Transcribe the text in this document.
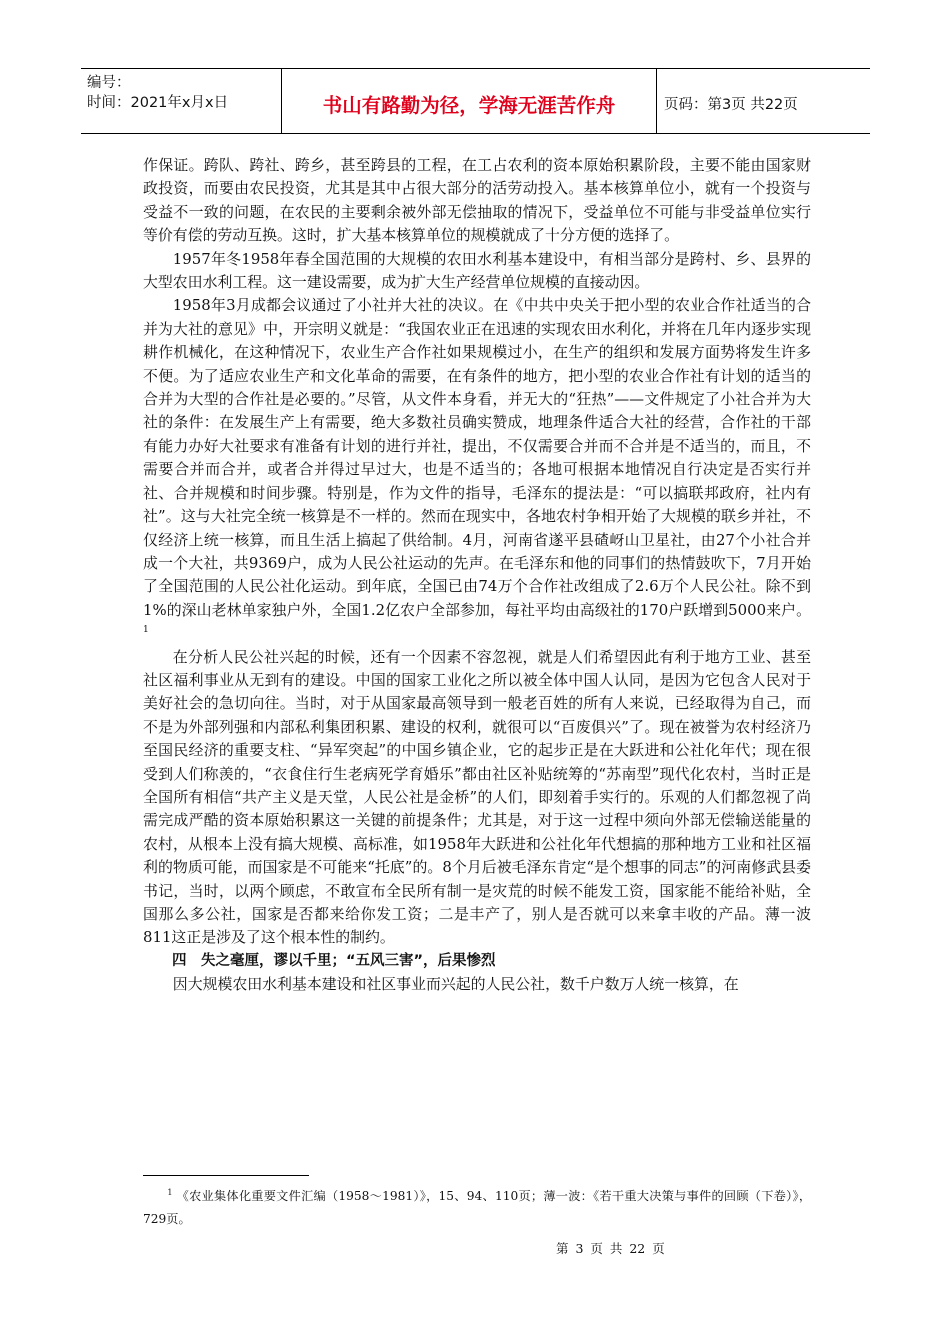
编号：
时间：2021年x月x日	书山有路勤为径，学海无涯苦作舟	页码：第3页 共22页

作保证。跨队、跨社、跨乡，甚至跨县的工程，在工占农利的资本原始积累阶段，主要不能由国家财政投资，而要由农民投资，尤其是其中占很大部分的活劳动投入。基本核算单位小，就有一个投资与受益不一致的问题，在农民的主要剩余被外部无偿抽取的情况下，受益单位不可能与非受益单位实行等价有偿的劳动互换。这时，扩大基本核算单位的规模就成了十分方便的选择了。

1957年冬1958年春全国范围的大规模的农田水利基本建设中，有相当部分是跨村、乡、县界的大型农田水利工程。这一建设需要，成为扩大生产经营单位规模的直接动因。

1958年3月成都会议通过了小社并大社的决议。在《中共中央关于把小型的农业合作社适当的合并为大社的意见》中，开宗明义就是：“我国农业正在迅速的实现农田水利化，并将在几年内逐步实现耕作机械化，在这种情况下，农业生产合作社如果规模过小，在生产的组织和发展方面势将发生许多不便。为了适应农业生产和文化革命的需要，在有条件的地方，把小型的农业合作社有计划的适当的合并为大型的合作社是必要的。”尽管，从文件本身看，并无大的“狂热”——文件规定了小社合并为大社的条件：在发展生产上有需要，绝大多数社员确实赞成，地理条件适合大社的经营，合作社的干部有能力办好大社要求有准备有计划的进行并社，提出，不仅需要合并而不合并是不适当的，而且，不需要合并而合并，或者合并得过早过大，也是不适当的；各地可根据本地情况自行决定是否实行并社、合并规模和时间步骤。特别是，作为文件的指导，毛泽东的提法是：“可以搞联邦政府，社内有社”。这与大社完全统一核算是不一样的。然而在现实中，各地农村争相开始了大规模的联乡并社，不仅经济上统一核算，而且生活上搞起了供给制。4月，河南省遂平县碴岈山卫星社，由27个小社合并成一个大社，共9369户，成为人民公社运动的先声。在毛泽东和他的同事们的热情鼓吹下，7月开始了全国范围的人民公社化运动。到年底，全国已由74万个合作社改组成了2.6万个人民公社。除不到1%的深山老林单家独户外，全国1.2亿农户全部参加，每社平均由高级社的170户跃增到5000来户。$^1$

在分析人民公社兴起的时候，还有一个因素不容忽视，就是人们希望因此有利于地方工业、甚至社区福利事业从无到有的建设。中国的国家工业化之所以被全体中国人认同，是因为它包含人民对于美好社会的急切向往。当时，对于从国家最高领导到一般老百姓的所有人来说，已经取得为自己，而不是为外部列强和内部私利集团积累、建设的权利，就很可以“百废俱兴”了。现在被誉为农村经济乃至国民经济的重要支柱、“异军突起”的中国乡镇企业，它的起步正是在大跃进和公社化年代；现在很受到人们称羡的，“衣食住行生老病死学育婚乐”都由社区补贴统筹的“苏南型”现代化农村，当时正是全国所有相信“共产主义是天堂，人民公社是金桥”的人们，即刻着手实行的。乐观的人们都忽视了尚需完成严酷的资本原始积累这一关键的前提条件；尤其是，对于这一过程中须向外部无偿输送能量的农村，从根本上没有搞大规模、高标准，如1958年大跃进和公社化年代想搞的那种地方工业和社区福利的物质可能，而国家是不可能来“托底”的。8个月后被毛泽东肯定“是个想事的同志”的河南修武县委书记，当时，以两个顾虑，不敢宣布全民所有制一是灾荒的时候不能发工资，国家能不能给补贴，全国那么多公社，国家是否都来给你发工资；二是丰产了，别人是否就可以来拿丰收的产品。薄一波811这正是涉及了这个根本性的制约。

四　失之毫厘，谬以千里；“五风三害”，后果惨烈

因大规模农田水利基本建设和社区事业而兴起的人民公社，数千户数万人统一核算，在

$^1$ 《农业集体化重要文件汇编（1958～1981）》，15、94、110页；薄一波：《若干重大决策与事件的回顾（下卷）》，729页。
第 3 页 共 22 页
